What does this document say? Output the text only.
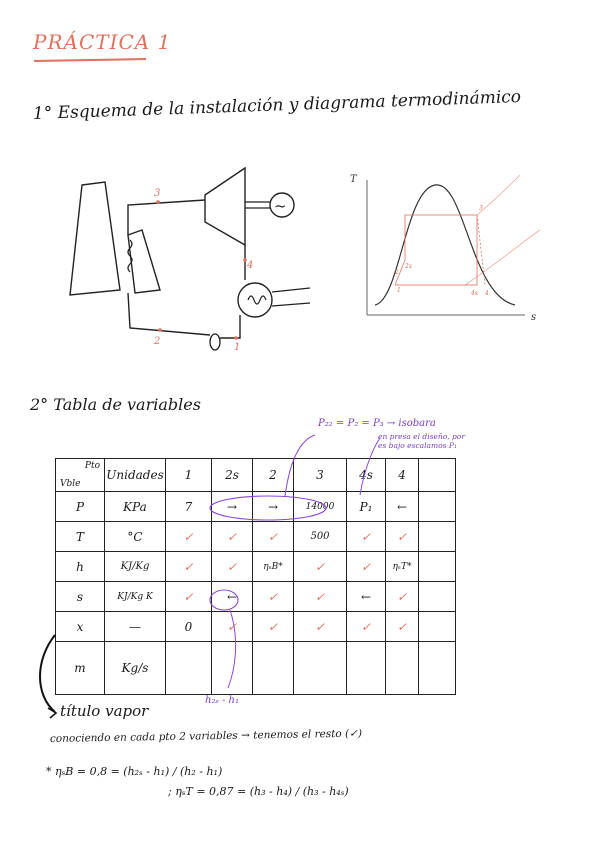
PRÁCTICA 1
1° Esquema de la instalación y diagrama termodinámico
~
3
4
2
1
T
s
3
4
4s
2
1
2s
2° Tabla de variables
P₂₂ = P₂ = P₃ → isobara
en presa el diseño, por es bajo escalamos P₁
Pto
Vble	Unidades	1	2s	2	3	4s	4	
P	KPa	7	→	→	14000	P₁	←	
T	°C	✓	✓	✓	500	✓	✓	
h	KJ/Kg	✓	✓	ηₛB*	✓	✓	ηₛT*	
s	KJ/Kg K	✓	←	✓	✓	←	✓	
x	—	0	✓	✓	✓	✓	✓	
m	Kg/s							
h₂ₛ - h₁
título vapor
conociendo en cada pto 2 variables → tenemos el resto (✓)
* ηₛB = 0,8 = (h₂ₛ - h₁) / (h₂ - h₁)
; ηₛT = 0,87 = (h₃ - h₄) / (h₃ - h₄ₛ)
